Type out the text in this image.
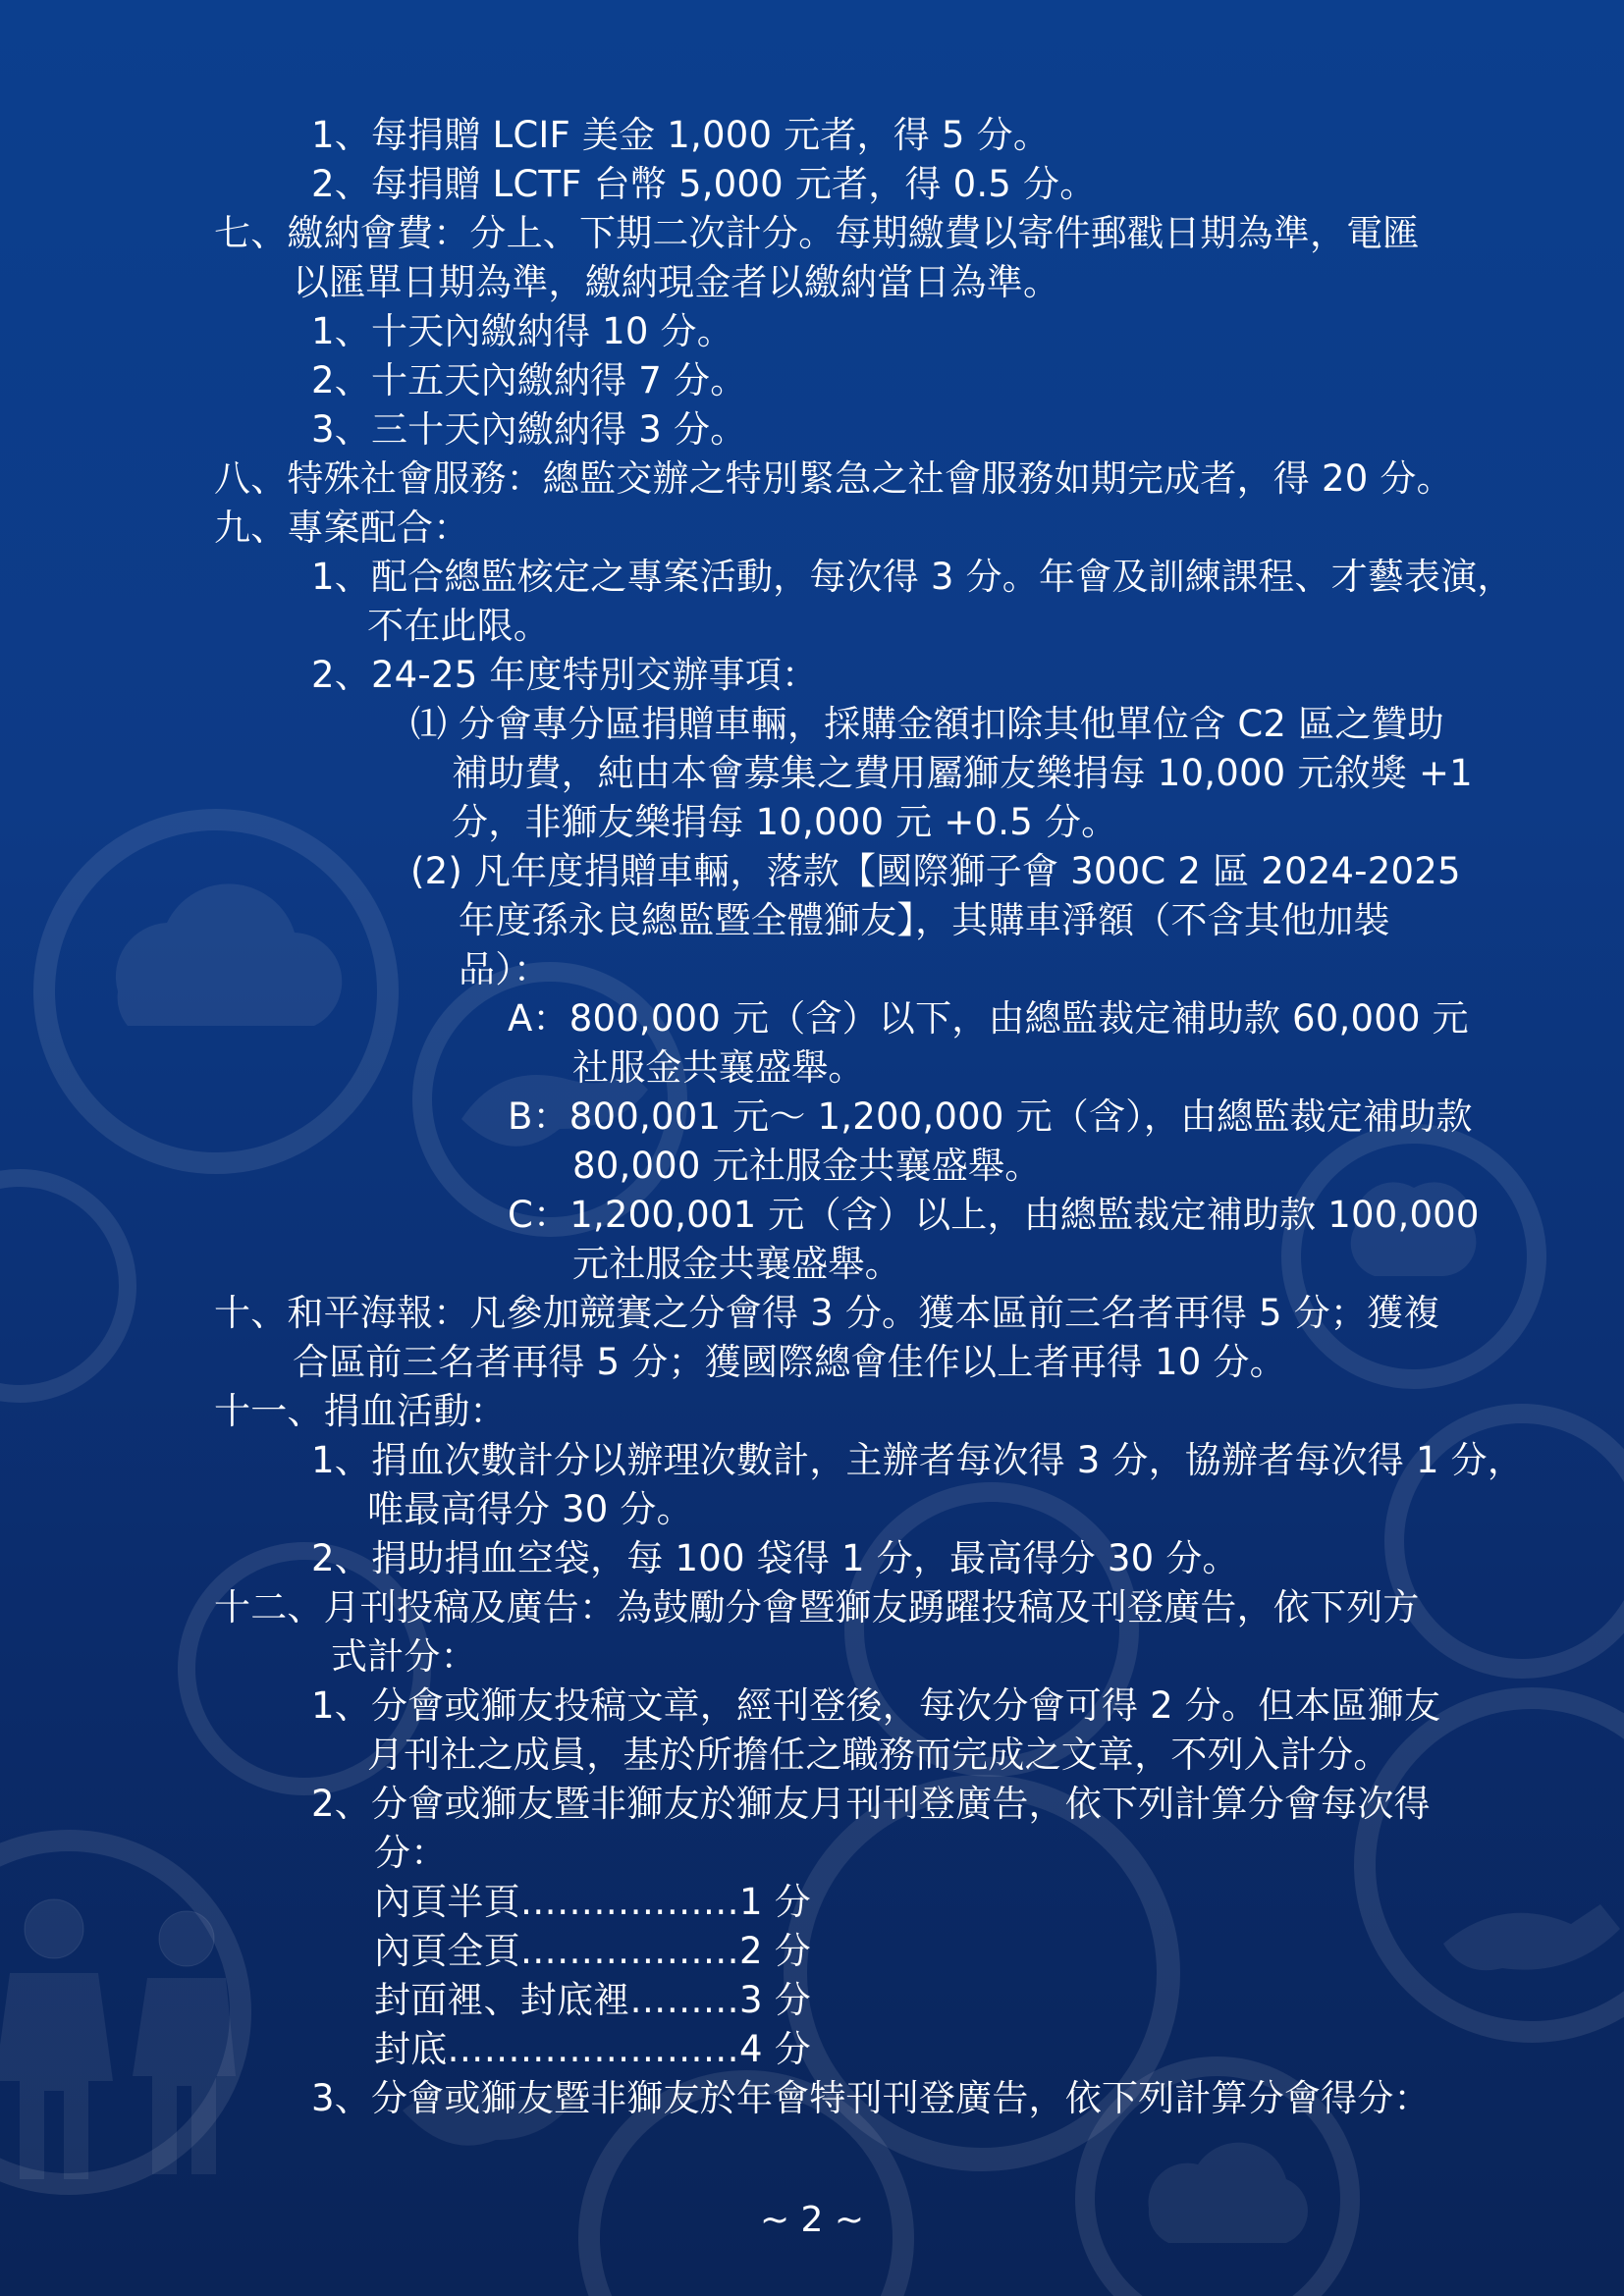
1、每捐贈 LCIF 美金 1,000 元者，得 5 分。

2、每捐贈 LCTF 台幣 5,000 元者，得 0.5 分。

七、繳納會費：分上、下期二次計分。每期繳費以寄件郵戳日期為準，電匯

以匯單日期為準，繳納現金者以繳納當日為準。

1、十天內繳納得 10 分。

2、十五天內繳納得 7 分。

3、三十天內繳納得 3 分。

八、特殊社會服務：總監交辦之特別緊急之社會服務如期完成者，得 20 分。

九、專案配合：

1、配合總監核定之專案活動，每次得 3 分。年會及訓練課程、才藝表演，

不在此限。

2、24-25 年度特別交辦事項：

⑴ 分會專分區捐贈車輛，採購金額扣除其他單位含 C2 區之贊助

補助費，純由本會募集之費用屬獅友樂捐每 10,000 元敘獎 +1

分，非獅友樂捐每 10,000 元 +0.5 分。

(2) 凡年度捐贈車輛，落款【國際獅子會 300C 2 區 2024-2025

年度孫永良總監暨全體獅友】，其購車淨額（不含其他加裝

品）：

A：800,000 元（含）以下，由總監裁定補助款 60,000 元

社服金共襄盛舉。

B：800,001 元～ 1,200,000 元（含），由總監裁定補助款

80,000 元社服金共襄盛舉。

C：1,200,001 元（含）以上，由總監裁定補助款 100,000

元社服金共襄盛舉。

十、和平海報：凡參加競賽之分會得 3 分。獲本區前三名者再得 5 分；獲複

合區前三名者再得 5 分；獲國際總會佳作以上者再得 10 分。

十一、捐血活動：

1、捐血次數計分以辦理次數計，主辦者每次得 3 分，協辦者每次得 1 分，

唯最高得分 30 分。

2、捐助捐血空袋，每 100 袋得 1 分，最高得分 30 分。

十二、月刊投稿及廣告：為鼓勵分會暨獅友踴躍投稿及刊登廣告，依下列方

式計分：

1、分會或獅友投稿文章，經刊登後，每次分會可得 2 分。但本區獅友

月刊社之成員，基於所擔任之職務而完成之文章，不列入計分。

2、分會或獅友暨非獅友於獅友月刊刊登廣告，依下列計算分會每次得

分：

內頁半頁………………1 分

內頁全頁………………2 分

封面裡、封底裡………3 分

封底……………………4 分

3、分會或獅友暨非獅友於年會特刊刊登廣告，依下列計算分會得分：

~ 2 ~
